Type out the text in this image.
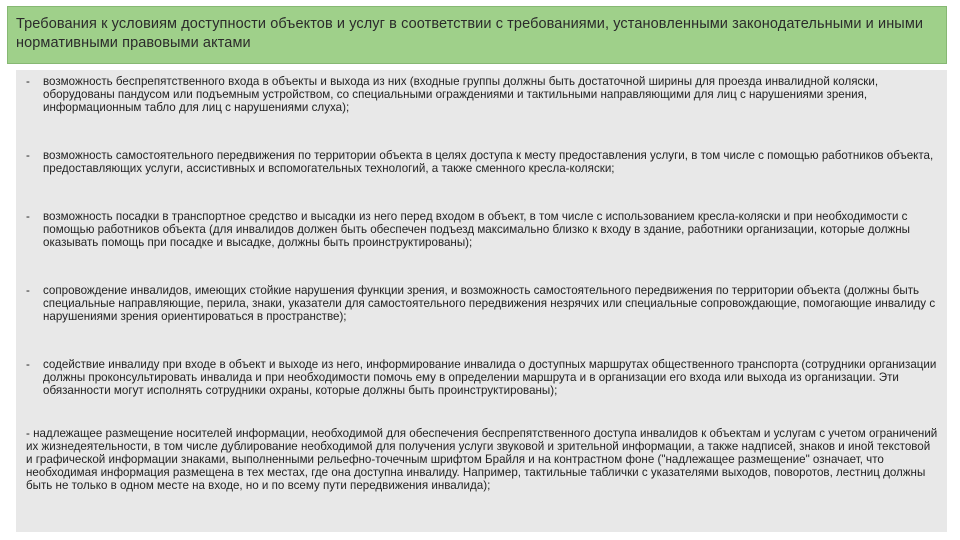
Требования к условиям доступности объектов и услуг в соответствии с требованиями, установленными законодательными и иными нормативными правовыми актами
-	возможность беспрепятственного входа в объекты и выхода из них (входные группы должны быть достаточной ширины для проезда инвалидной коляски, оборудованы пандусом или подъемным устройством, со специальными ограждениями и тактильными направляющими для лиц с нарушениями зрения, информационным табло для лиц с нарушениями слуха);
-	возможность самостоятельного передвижения по территории объекта в целях доступа к месту предоставления услуги, в том числе с помощью работников объекта, предоставляющих услуги, ассистивных и вспомогательных технологий, а также сменного кресла-коляски;
-	возможность посадки в транспортное средство и высадки из него перед входом в объект, в том числе с использованием кресла-коляски и при необходимости с помощью работников объекта (для инвалидов должен быть обеспечен подъезд максимально близко к входу в здание, работники организации, которые должны оказывать помощь при посадке и высадке, должны быть проинструктированы);
-	сопровождение инвалидов, имеющих стойкие нарушения функции зрения, и возможность самостоятельного передвижения по территории объекта (должны быть специальные направляющие, перила, знаки, указатели для самостоятельного передвижения незрячих или специальные сопровождающие, помогающие инвалиду с нарушениями зрения ориентироваться в пространстве);
-	содействие инвалиду при входе в объект и выходе из него, информирование инвалида о доступных маршрутах общественного транспорта (сотрудники организации должны проконсультировать инвалида и при необходимости помочь ему в определении маршрута и в организации его входа или выхода из организации. Эти обязанности могут исполнять сотрудники охраны, которые должны быть проинструктированы);
- надлежащее размещение носителей информации, необходимой для обеспечения беспрепятственного доступа инвалидов к объектам и услугам с учетом ограничений их жизнедеятельности, в том числе дублирование необходимой для получения услуги звуковой и зрительной информации, а также надписей, знаков и иной текстовой и графической информации знаками, выполненными рельефно-точечным шрифтом Брайля и на контрастном фоне ("надлежащее размещение" означает, что необходимая информация размещена в тех местах, где она доступна инвалиду. Например, тактильные таблички с указателями выходов, поворотов, лестниц должны быть не только в одном месте на входе, но и по всему пути передвижения инвалида);
